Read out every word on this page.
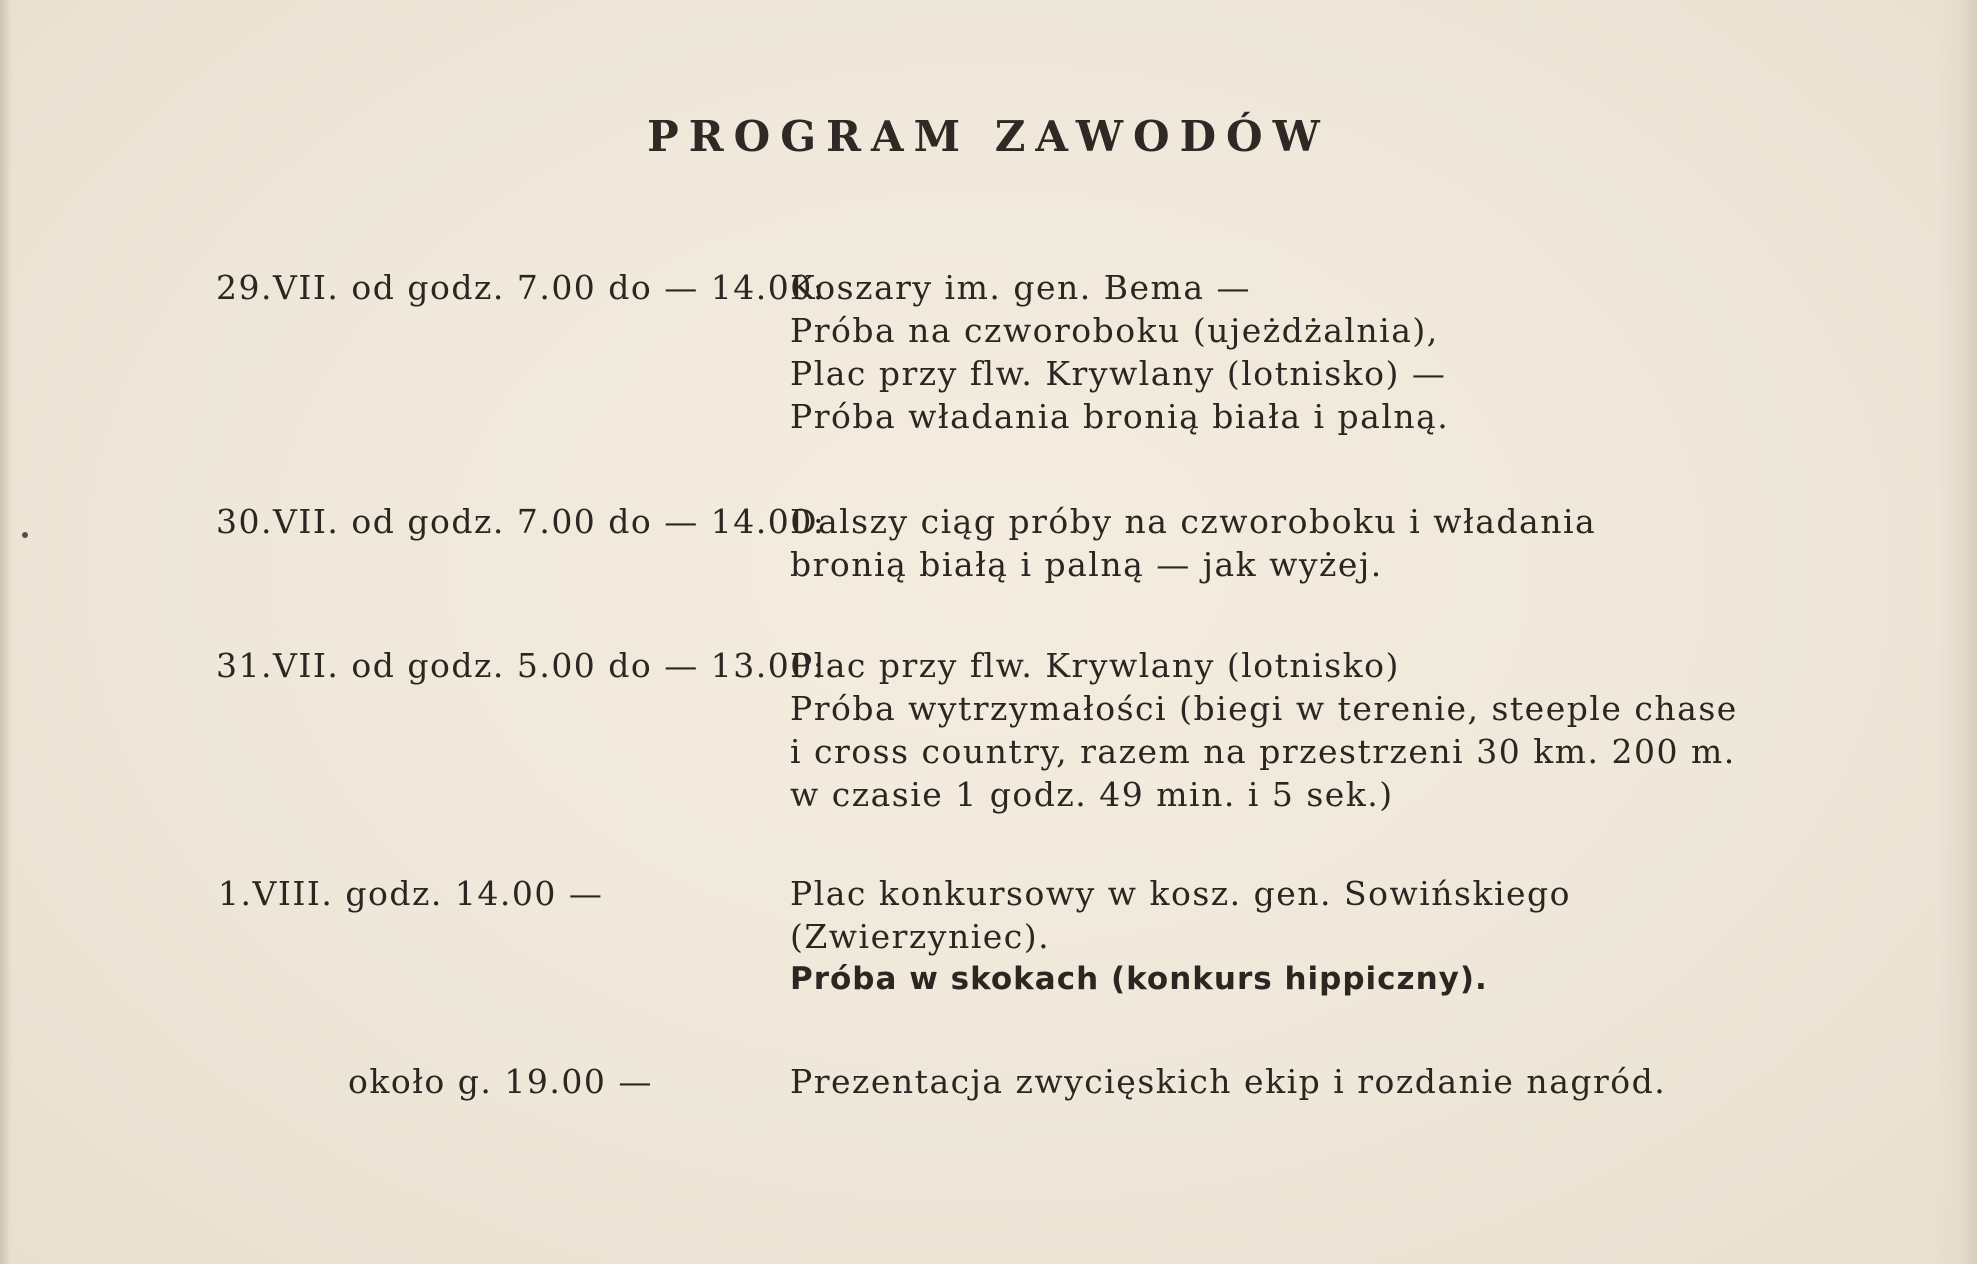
PROGRAM ZAWODÓW
29.VII. od godz. 7.00 do — 14.00:
Koszary im. gen. Bema —
Próba na czworoboku (ujeżdżalnia),
Plac przy flw. Krywlany (lotnisko) —
Próba władania bronią biała i palną.
30.VII. od godz. 7.00 do — 14.00:
Dalszy ciąg próby na czworoboku i władania
bronią białą i palną — jak wyżej.
31.VII. od godz. 5.00 do — 13.00:
Plac przy flw. Krywlany (lotnisko)
Próba wytrzymałości (biegi w terenie, steeple chase
i cross country, razem na przestrzeni 30 km. 200 m.
w czasie 1 godz. 49 min. i 5 sek.)
1.VIII. godz. 14.00 —	Plac konkursowy w kosz. gen. Sowińskiego
(Zwierzyniec).
Próba w skokach (konkurs hippiczny).
około g. 19.00 —	Prezentacja zwycięskich ekip i rozdanie nagród.
